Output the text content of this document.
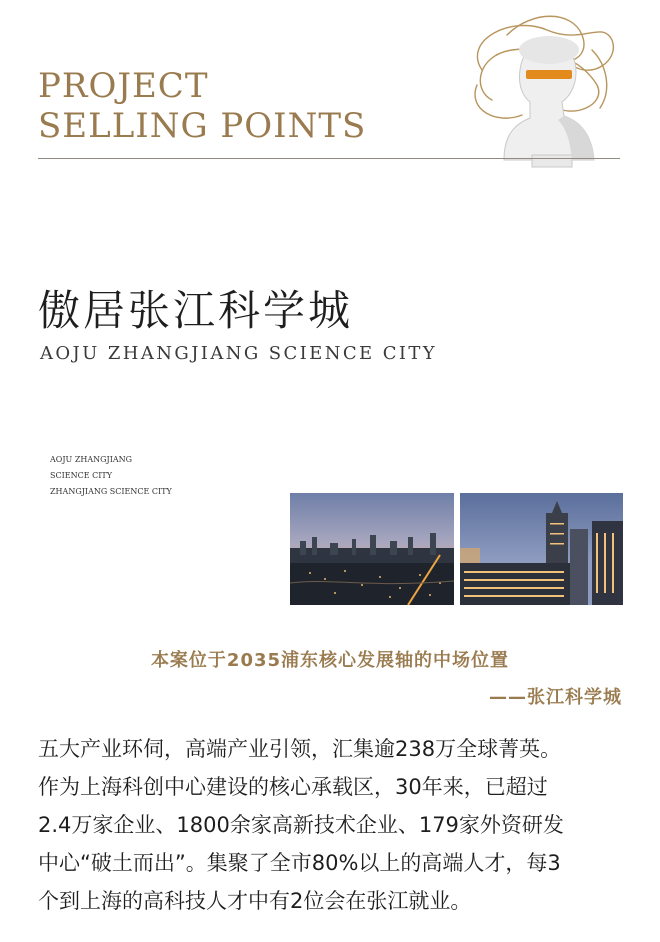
PROJECT
SELLING POINTS
傲居张江科学城

AOJU ZHANGJIANG SCIENCE CITY

AOJU ZHANGJIANG
SCIENCE CITY
ZHANGJIANG SCIENCE CITY

本案位于2035浦东核心发展轴的中场位置

——张江科学城

五大产业环伺，高端产业引领，汇集逾238万全球菁英。
作为上海科创中心建设的核心承载区，30年来，已超过
2.4万家企业、1800余家高新技术企业、179家外资研发
中心“破土而出”。集聚了全市80%以上的高端人才，每3
个到上海的高科技人才中有2位会在张江就业。
